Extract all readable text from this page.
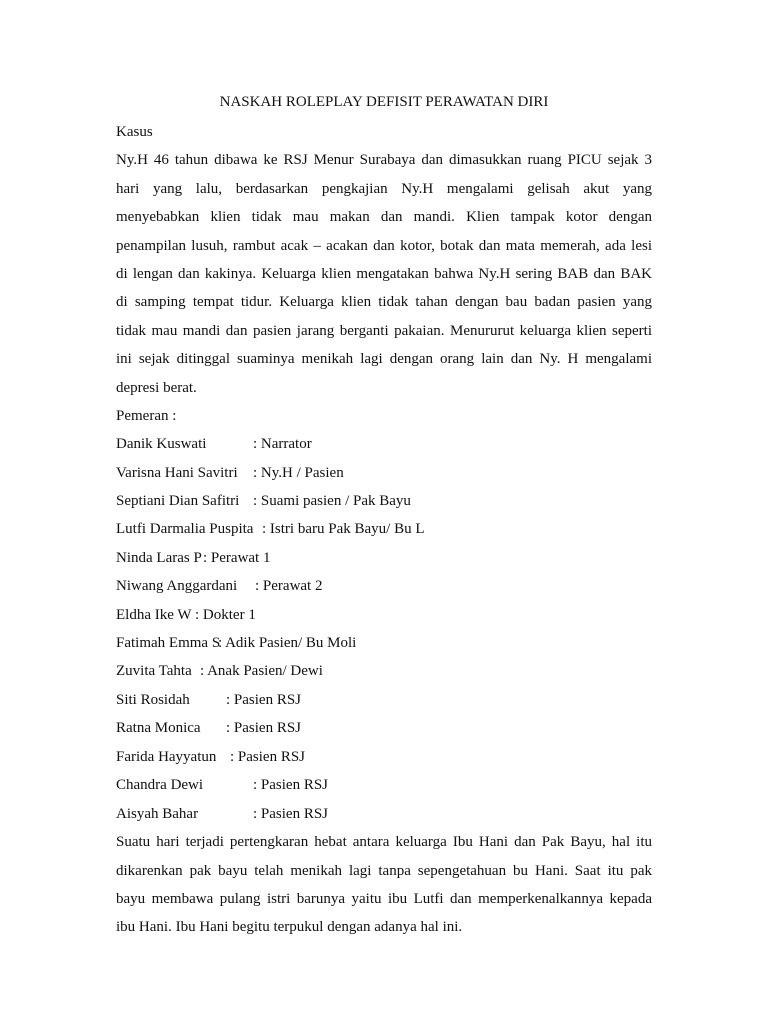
NASKAH ROLEPLAY DEFISIT PERAWATAN DIRI
Kasus
Ny.H 46 tahun dibawa ke RSJ Menur Surabaya dan dimasukkan ruang PICU sejak 3
hari yang lalu, berdasarkan pengkajian Ny.H mengalami gelisah akut yang
menyebabkan klien tidak mau makan dan mandi. Klien tampak kotor dengan
penampilan lusuh, rambut acak – acakan dan kotor, botak dan mata memerah, ada lesi
di lengan dan kakinya. Keluarga klien mengatakan bahwa Ny.H sering BAB dan BAK
di samping tempat tidur. Keluarga klien tidak tahan dengan bau badan pasien yang
tidak mau mandi dan pasien jarang berganti pakaian. Menururut keluarga klien seperti
ini sejak ditinggal suaminya menikah lagi dengan orang lain dan Ny. H mengalami
depresi berat.
Pemeran :
Danik Kuswati	: Narrator
Varisna Hani Savitri : Ny.H / Pasien
Septiani Dian Safitri : Suami pasien / Pak Bayu
Lutfi Darmalia Puspita : Istri baru Pak Bayu/ Bu L
Ninda Laras P: Perawat 1
Niwang Anggardani : Perawat 2
Eldha Ike W : Dokter 1
Fatimah Emma S: Adik Pasien/ Bu Moli
Zuvita Tahta : Anak Pasien/ Dewi
Siti Rosidah : Pasien RSJ
Ratna Monica : Pasien RSJ
Farida Hayyatun : Pasien RSJ
Chandra Dewi	: Pasien RSJ
Aisyah Bahar	: Pasien RSJ
Suatu hari terjadi pertengkaran hebat antara keluarga Ibu Hani dan Pak Bayu, hal itu
dikarenkan pak bayu telah menikah lagi tanpa sepengetahuan bu Hani. Saat itu pak
bayu membawa pulang istri barunya yaitu ibu Lutfi dan memperkenalkannya kepada
ibu Hani. Ibu Hani begitu terpukul dengan adanya hal ini.
